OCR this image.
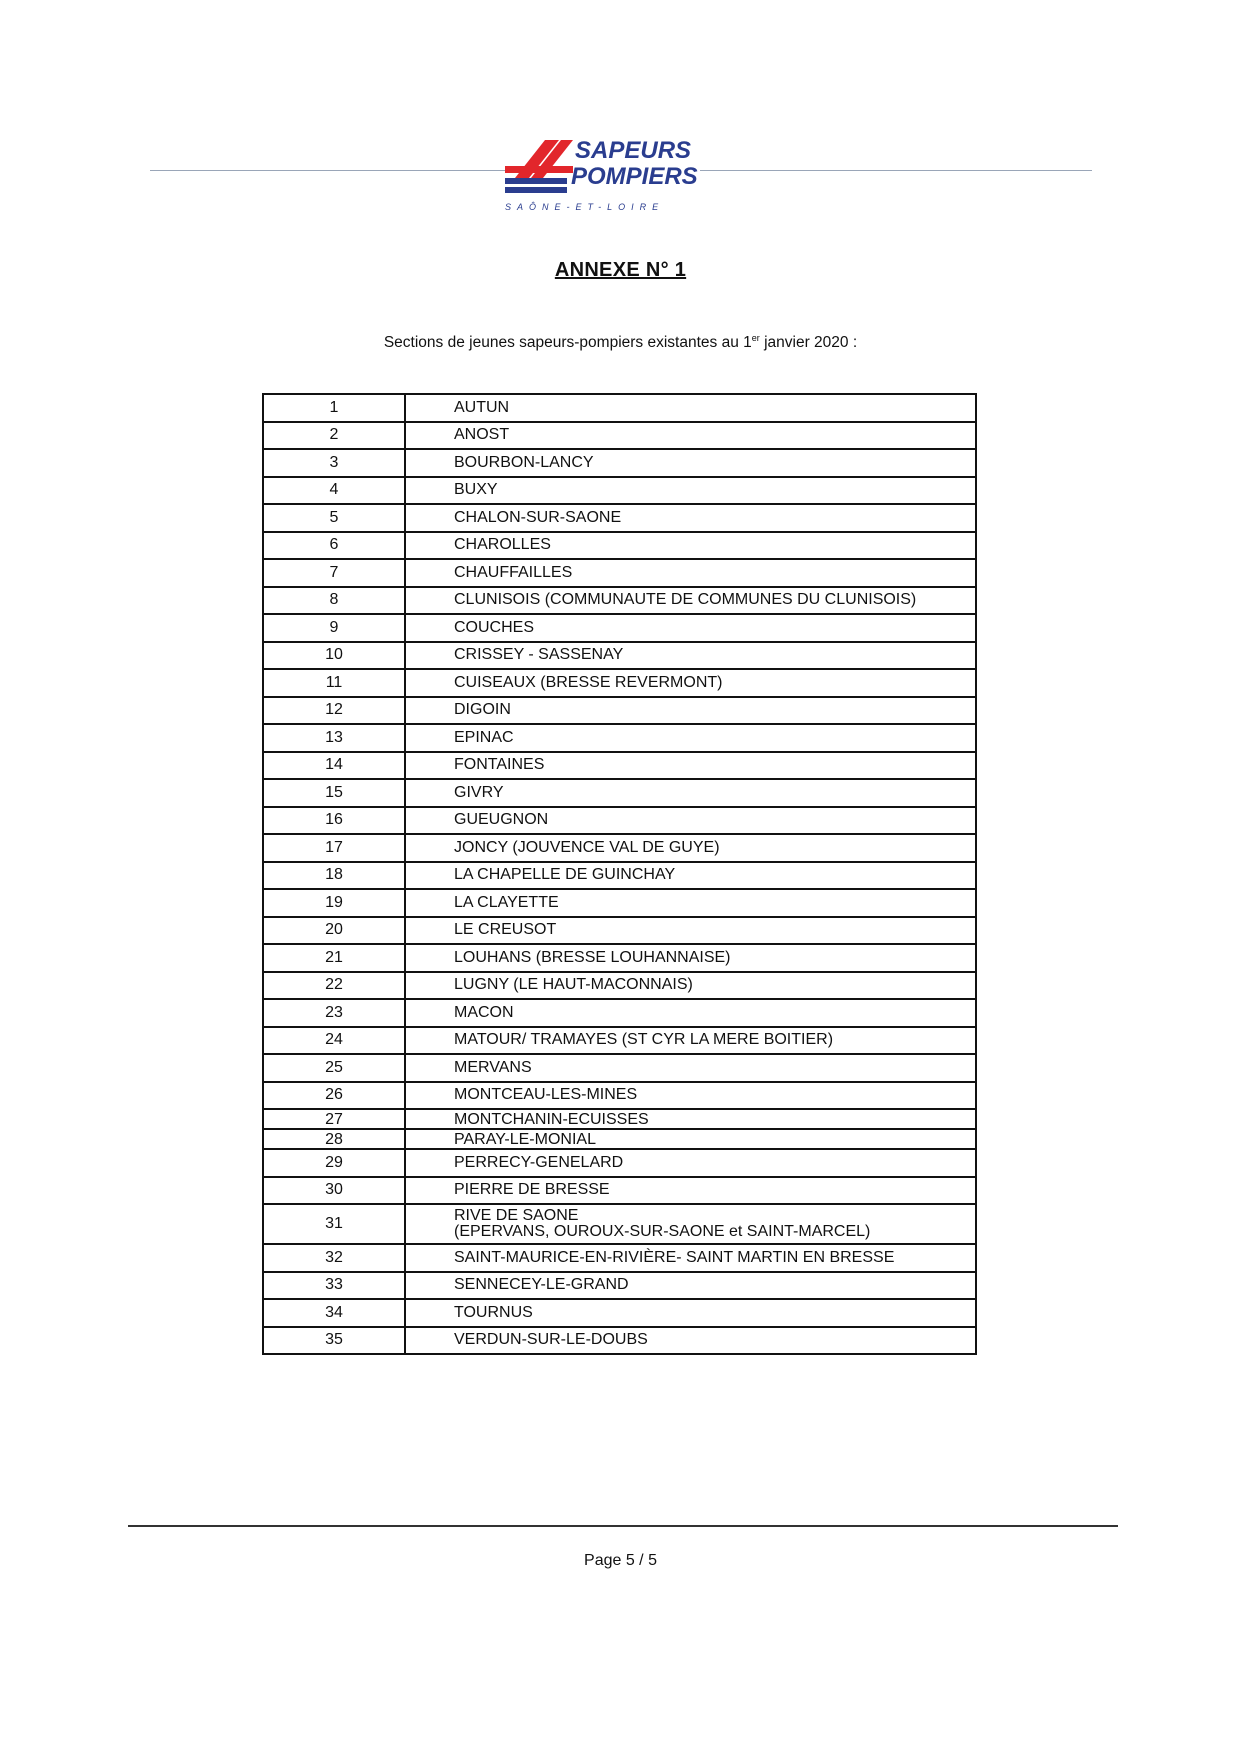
SAPEURS
POMPIERS
SAÔNE-ET-LOIRE
ANNEXE N° 1
Sections de jeunes sapeurs-pompiers existantes au 1er janvier 2020 :
1	AUTUN
2	ANOST
3	BOURBON-LANCY
4	BUXY
5	CHALON-SUR-SAONE
6	CHAROLLES
7	CHAUFFAILLES
8	CLUNISOIS (COMMUNAUTE DE COMMUNES DU CLUNISOIS)
9	COUCHES
10	CRISSEY - SASSENAY
11	CUISEAUX (BRESSE REVERMONT)
12	DIGOIN
13	EPINAC
14	FONTAINES
15	GIVRY
16	GUEUGNON
17	JONCY (JOUVENCE VAL DE GUYE)
18	LA CHAPELLE DE GUINCHAY
19	LA CLAYETTE
20	LE CREUSOT
21	LOUHANS (BRESSE LOUHANNAISE)
22	LUGNY (LE HAUT-MACONNAIS)
23	MACON
24	MATOUR/ TRAMAYES (ST CYR LA MERE BOITIER)
25	MERVANS
26	MONTCEAU-LES-MINES
27	MONTCHANIN-ECUISSES
28	PARAY-LE-MONIAL
29	PERRECY-GENELARD
30	PIERRE DE BRESSE
31	RIVE DE SAONE
(EPERVANS, OUROUX-SUR-SAONE et SAINT-MARCEL)

32	SAINT-MAURICE-EN-RIVIÈRE- SAINT MARTIN EN BRESSE
33	SENNECEY-LE-GRAND
34	TOURNUS
35	VERDUN-SUR-LE-DOUBS
Page 5 / 5
